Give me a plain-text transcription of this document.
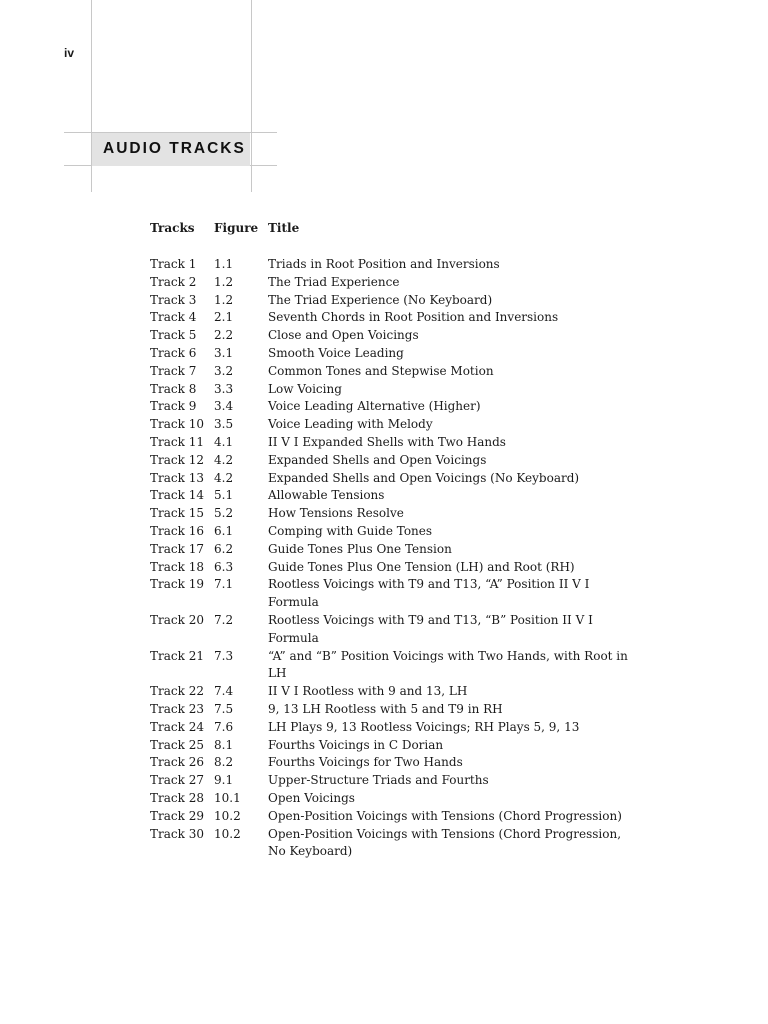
iv
AUDIO TRACKS
Tracks	Figure	Title

Track 1	1.1	Triads in Root Position and Inversions
Track 2	1.2	The Triad Experience
Track 3	1.2	The Triad Experience (No Keyboard)
Track 4	2.1	Seventh Chords in Root Position and Inversions
Track 5	2.2	Close and Open Voicings
Track 6	3.1	Smooth Voice Leading
Track 7	3.2	Common Tones and Stepwise Motion
Track 8	3.3	Low Voicing
Track 9	3.4	Voice Leading Alternative (Higher)
Track 10	3.5	Voice Leading with Melody
Track 11	4.1	II V I Expanded Shells with Two Hands
Track 12	4.2	Expanded Shells and Open Voicings
Track 13	4.2	Expanded Shells and Open Voicings (No Keyboard)
Track 14	5.1	Allowable Tensions
Track 15	5.2	How Tensions Resolve
Track 16	6.1	Comping with Guide Tones
Track 17	6.2	Guide Tones Plus One Tension
Track 18	6.3	Guide Tones Plus One Tension (LH) and Root (RH)
Track 19	7.1	Rootless Voicings with T9 and T13, “A” Position II V I Formula
Track 20	7.2	Rootless Voicings with T9 and T13, “B” Position II V I Formula
Track 21	7.3	“A” and “B” Position Voicings with Two Hands, with Root in LH
Track 22	7.4	II V I Rootless with 9 and 13, LH
Track 23	7.5	9, 13 LH Rootless with 5 and T9 in RH
Track 24	7.6	LH Plays 9, 13 Rootless Voicings; RH Plays 5, 9, 13
Track 25	8.1	Fourths Voicings in C Dorian
Track 26	8.2	Fourths Voicings for Two Hands
Track 27	9.1	Upper-Structure Triads and Fourths
Track 28	10.1	Open Voicings
Track 29	10.2	Open-Position Voicings with Tensions (Chord Progression)
Track 30	10.2	Open-Position Voicings with Tensions (Chord Progression, No Keyboard)
